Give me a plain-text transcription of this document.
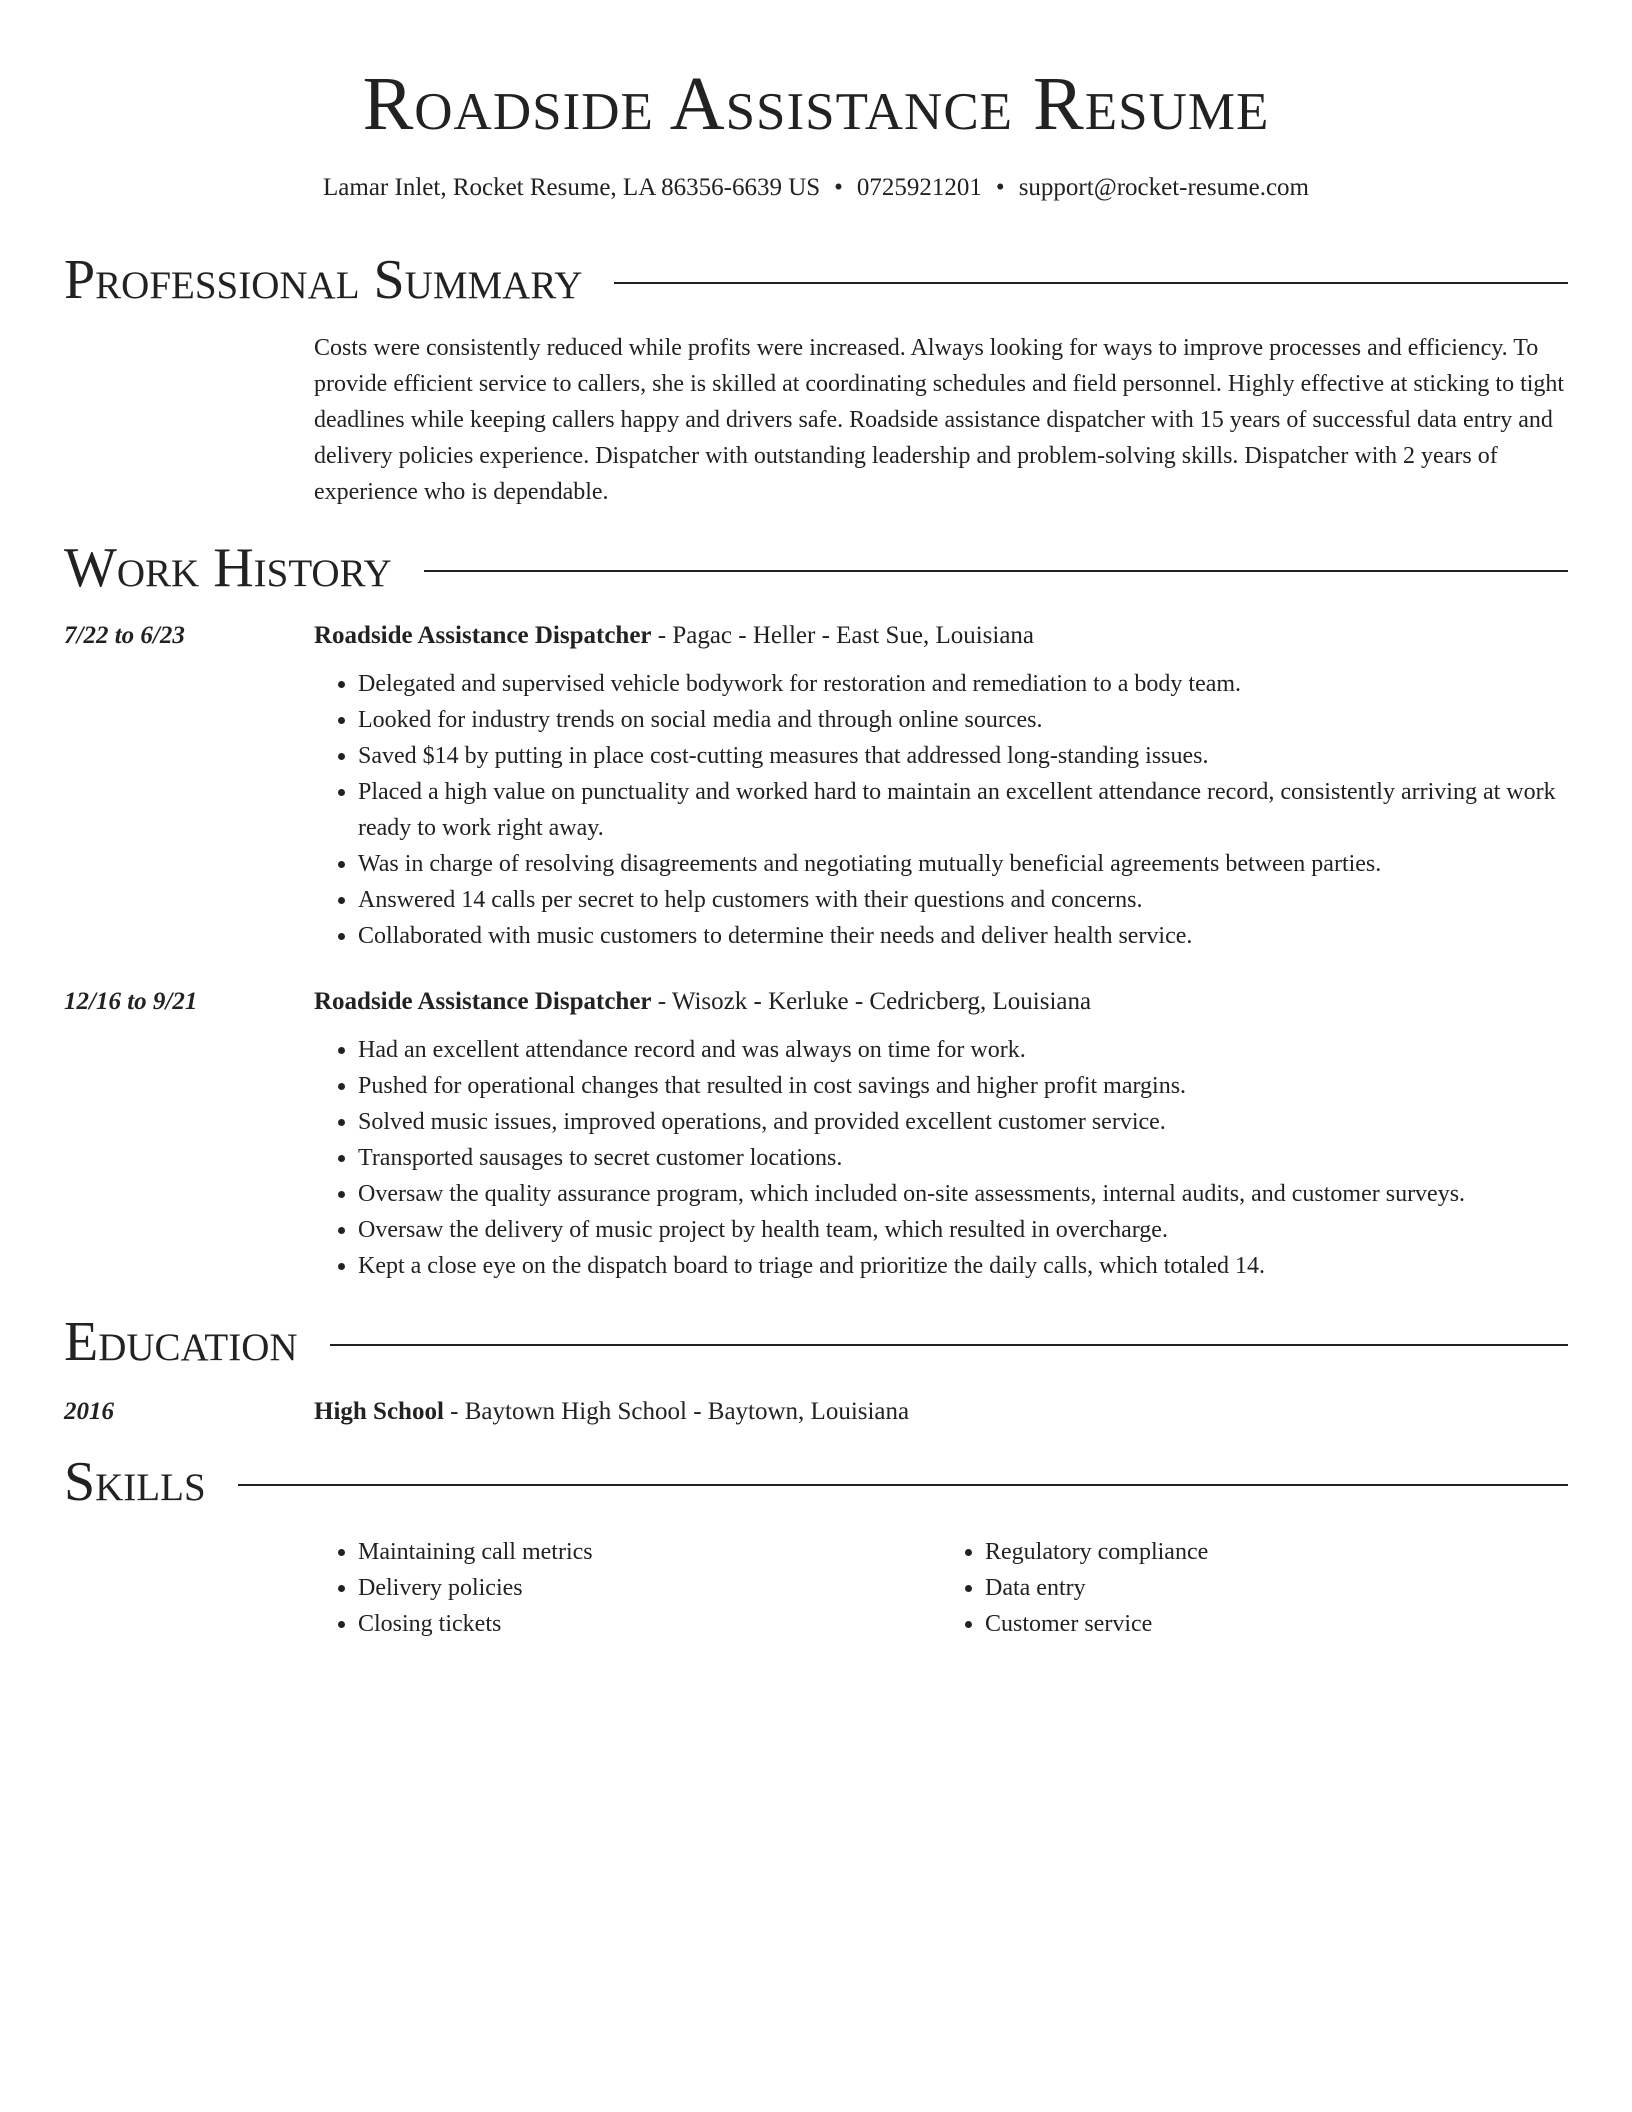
Roadside Assistance Resume
Lamar Inlet, Rocket Resume, LA 86356-6639 US • 0725921201 • support@rocket-resume.com
Professional Summary
Costs were consistently reduced while profits were increased. Always looking for ways to improve processes and efficiency. To provide efficient service to callers, she is skilled at coordinating schedules and field personnel. Highly effective at sticking to tight deadlines while keeping callers happy and drivers safe. Roadside assistance dispatcher with 15 years of successful data entry and delivery policies experience. Dispatcher with outstanding leadership and problem-solving skills. Dispatcher with 2 years of experience who is dependable.
Work History
7/22 to 6/23	Roadside Assistance Dispatcher - Pagac - Heller - East Sue, Louisiana
• Delegated and supervised vehicle bodywork for restoration and remediation to a body team.
• Looked for industry trends on social media and through online sources.
• Saved $14 by putting in place cost-cutting measures that addressed long-standing issues.
• Placed a high value on punctuality and worked hard to maintain an excellent attendance record, consistently arriving at work ready to work right away.
• Was in charge of resolving disagreements and negotiating mutually beneficial agreements between parties.
• Answered 14 calls per secret to help customers with their questions and concerns.
• Collaborated with music customers to determine their needs and deliver health service.
12/16 to 9/21	Roadside Assistance Dispatcher - Wisozk - Kerluke - Cedricberg, Louisiana
• Had an excellent attendance record and was always on time for work.
• Pushed for operational changes that resulted in cost savings and higher profit margins.
• Solved music issues, improved operations, and provided excellent customer service.
• Transported sausages to secret customer locations.
• Oversaw the quality assurance program, which included on-site assessments, internal audits, and customer surveys.
• Oversaw the delivery of music project by health team, which resulted in overcharge.
• Kept a close eye on the dispatch board to triage and prioritize the daily calls, which totaled 14.
Education
2016	High School - Baytown High School - Baytown, Louisiana
Skills
• Maintaining call metrics
• Delivery policies
• Closing tickets
• Regulatory compliance
• Data entry
• Customer service
